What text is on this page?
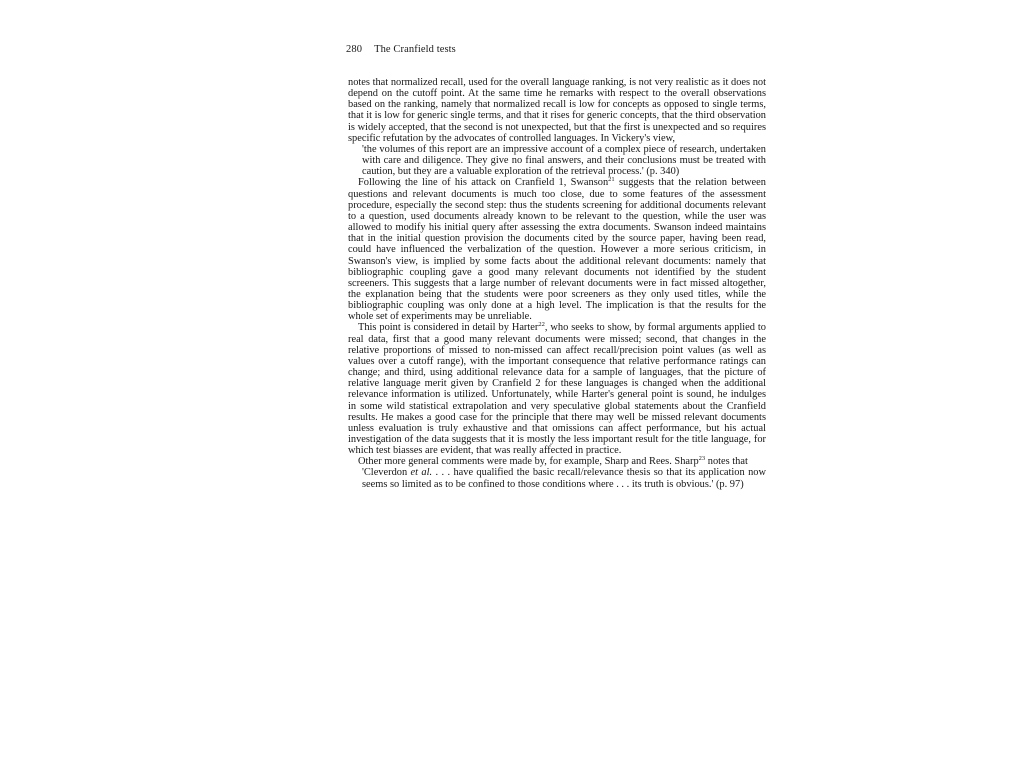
280 The Cranfield tests

notes that normalized recall, used for the overall language ranking, is not very realistic as it does not depend on the cutoff point. At the same time he remarks with respect to the overall observations based on the ranking, namely that normalized recall is low for concepts as opposed to single terms, that it is low for generic single terms, and that it rises for generic concepts, that the third observation is widely accepted, that the second is not unexpected, but that the first is unexpected and so requires specific refutation by the advocates of controlled languages. In Vickery's view,

'the volumes of this report are an impressive account of a complex piece of research, undertaken with care and diligence. They give no final answers, and their conclusions must be treated with caution, but they are a valuable exploration of the retrieval process.' (p. 340)

Following the line of his attack on Cranfield 1, Swanson$^{21}$ suggests that the relation between questions and relevant documents is much too close, due to some features of the assessment procedure, especially the second step: thus the students screening for additional documents relevant to a question, used documents already known to be relevant to the question, while the user was allowed to modify his initial query after assessing the extra documents. Swanson indeed maintains that in the initial question provision the documents cited by the source paper, having been read, could have influenced the verbalization of the question. However a more serious criticism, in Swanson's view, is implied by some facts about the additional relevant documents: namely that bibliographic coupling gave a good many relevant documents not identified by the student screeners. This suggests that a large number of relevant documents were in fact missed altogether, the explanation being that the students were poor screeners as they only used titles, while the bibliographic coupling was only done at a high level. The implication is that the results for the whole set of experiments may be unreliable.

This point is considered in detail by Harter$^{22}$, who seeks to show, by formal arguments applied to real data, first that a good many relevant documents were missed; second, that changes in the relative proportions of missed to non-missed can affect recall/precision point values (as well as values over a cutoff range), with the important consequence that relative performance ratings can change; and third, using additional relevance data for a sample of languages, that the picture of relative language merit given by Cranfield 2 for these languages is changed when the additional relevance information is utilized. Unfortunately, while Harter's general point is sound, he indulges in some wild statistical extrapolation and very speculative global statements about the Cranfield results. He makes a good case for the principle that there may well be missed relevant documents unless evaluation is truly exhaustive and that omissions can affect performance, but his actual investigation of the data suggests that it is mostly the less important result for the title language, for which test biasses are evident, that was really affected in practice.

Other more general comments were made by, for example, Sharp and Rees. Sharp$^{23}$ notes that

'Cleverdon et al. . . . have qualified the basic recall/relevance thesis so that its application now seems so limited as to be confined to those conditions where . . . its truth is obvious.' (p. 97)
